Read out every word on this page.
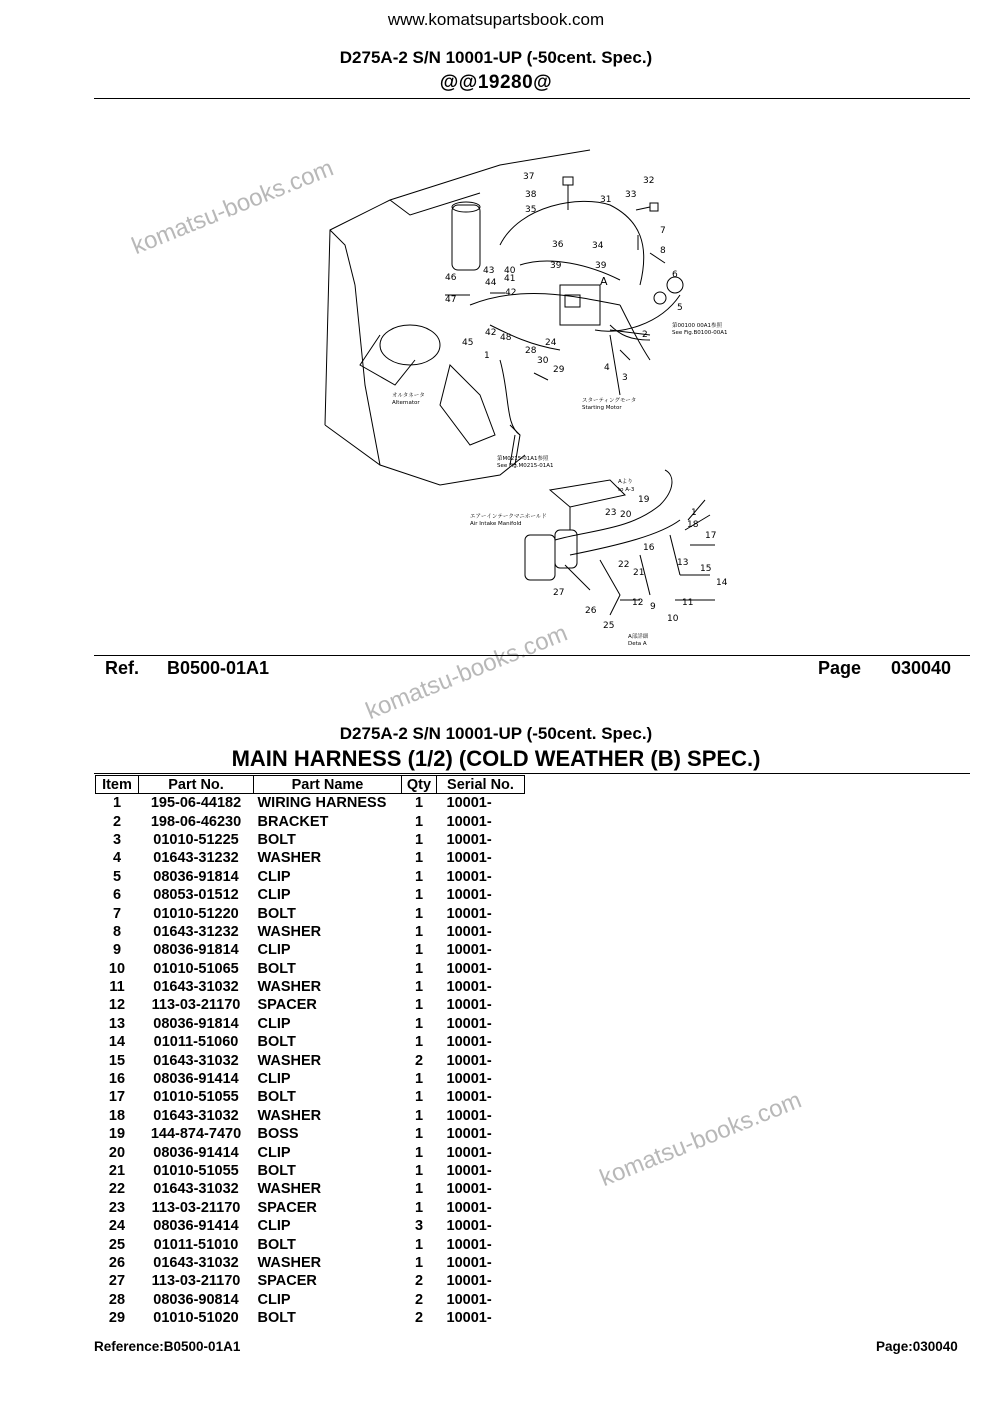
www.komatsupartsbook.com
D275A-2 S/N 10001-UP (-50cent. Spec.)
@@19280@
komatsu-books.com
komatsu-books.com
komatsu-books.com
37
38
35
31 33
32
7
8
6
36	34
5
2
46
43 40
41
44
42
47
45
42 48
39	39
A
24
28
30
29
1
4
3
23 20
19
1
18
17
22
21
16
13
15
14
27
26
25
12 9	11
10
オルタネータ
Alternator
第00100 00A1参照
See Fig.B0100-00A1
スターティングモータ
Starting Motor
第M0215-01A1参照
See Fig.M0215-01A1
Aより
to A-3
エアーインテークマニホールド
Air Intake Manifold
A部詳細
Deta A
Ref. B0500-01A1	Page 030040
D275A-2 S/N 10001-UP (-50cent. Spec.)
MAIN HARNESS (1/2) (COLD WEATHER (B) SPEC.)
Item	Part No.	Part Name	Qty	Serial No.
1	195-06-44182	WIRING HARNESS	1	10001-
2	198-06-46230	BRACKET	1	10001-
3	01010-51225	BOLT	1	10001-
4	01643-31232	WASHER	1	10001-
5	08036-91814	CLIP	1	10001-
6	08053-01512	CLIP	1	10001-
7	01010-51220	BOLT	1	10001-
8	01643-31232	WASHER	1	10001-
9	08036-91814	CLIP	1	10001-
10	01010-51065	BOLT	1	10001-
11	01643-31032	WASHER	1	10001-
12	113-03-21170	SPACER	1	10001-
13	08036-91814	CLIP	1	10001-
14	01011-51060	BOLT	1	10001-
15	01643-31032	WASHER	2	10001-
16	08036-91414	CLIP	1	10001-
17	01010-51055	BOLT	1	10001-
18	01643-31032	WASHER	1	10001-
19	144-874-7470	BOSS	1	10001-
20	08036-91414	CLIP	1	10001-
21	01010-51055	BOLT	1	10001-
22	01643-31032	WASHER	1	10001-
23	113-03-21170	SPACER	1	10001-
24	08036-91414	CLIP	3	10001-
25	01011-51010	BOLT	1	10001-
26	01643-31032	WASHER	1	10001-
27	113-03-21170	SPACER	2	10001-
28	08036-90814	CLIP	2	10001-
29	01010-51020	BOLT	2	10001-
Reference:B0500-01A1	Page:030040
